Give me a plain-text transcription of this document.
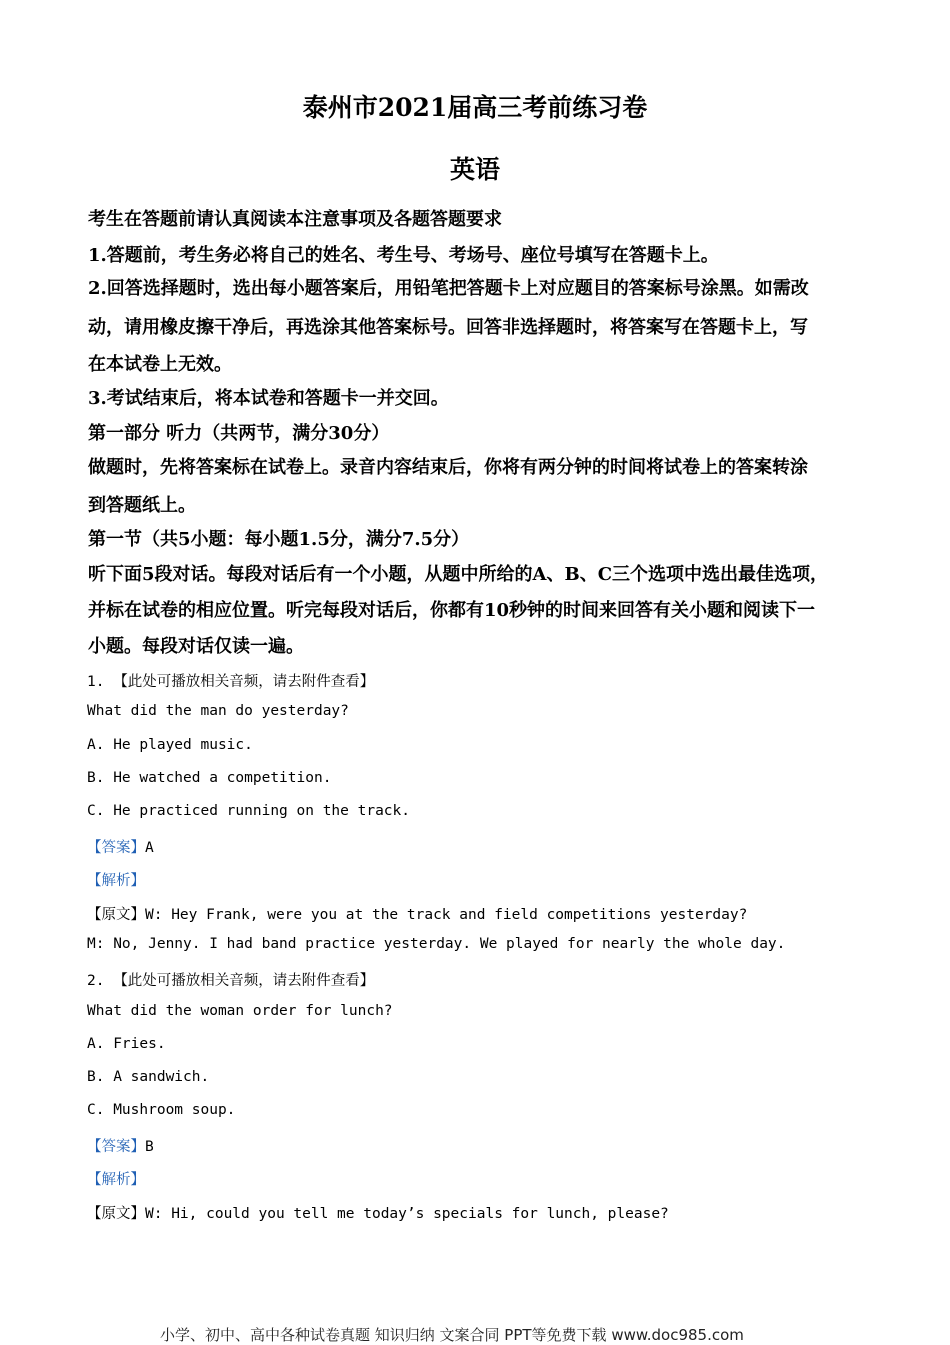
泰州市2021届高三考前练习卷
英语
考生在答题前请认真阅读本注意事项及各题答题要求
1.答题前，考生务必将自己的姓名、考生号、考场号、座位号填写在答题卡上。
2.回答选择题时，选出每小题答案后，用铅笔把答题卡上对应题目的答案标号涂黑。如需改
动，请用橡皮擦干净后，再选涂其他答案标号。回答非选择题时，将答案写在答题卡上，写
在本试卷上无效。
3.考试结束后，将本试卷和答题卡一并交回。
第一部分 听力（共两节，满分30分）
做题时，先将答案标在试卷上。录音内容结束后，你将有两分钟的时间将试卷上的答案转涂
到答题纸上。
第一节（共5小题：每小题1.5分，满分7.5分）
听下面5段对话。每段对话后有一个小题，从题中所给的A、B、C三个选项中选出最佳选项，
并标在试卷的相应位置。听完每段对话后，你都有10秒钟的时间来回答有关小题和阅读下一
小题。每段对话仅读一遍。
1. 【此处可播放相关音频，请去附件查看】
What did the man do yesterday?
A. He played music.
B. He watched a competition.
C. He practiced running on the track.
【答案】A
【解析】
【原文】W: Hey Frank, were you at the track and field competitions yesterday?
M: No, Jenny. I had band practice yesterday. We played for nearly the whole day.
2. 【此处可播放相关音频，请去附件查看】
What did the woman order for lunch?
A. Fries.
B. A sandwich.
C. Mushroom soup.
【答案】B
【解析】
【原文】W: Hi, could you tell me today’s specials for lunch, please?
小学、初中、高中各种试卷真题 知识归纳 文案合同 PPT等免费下载 www.doc985.com
